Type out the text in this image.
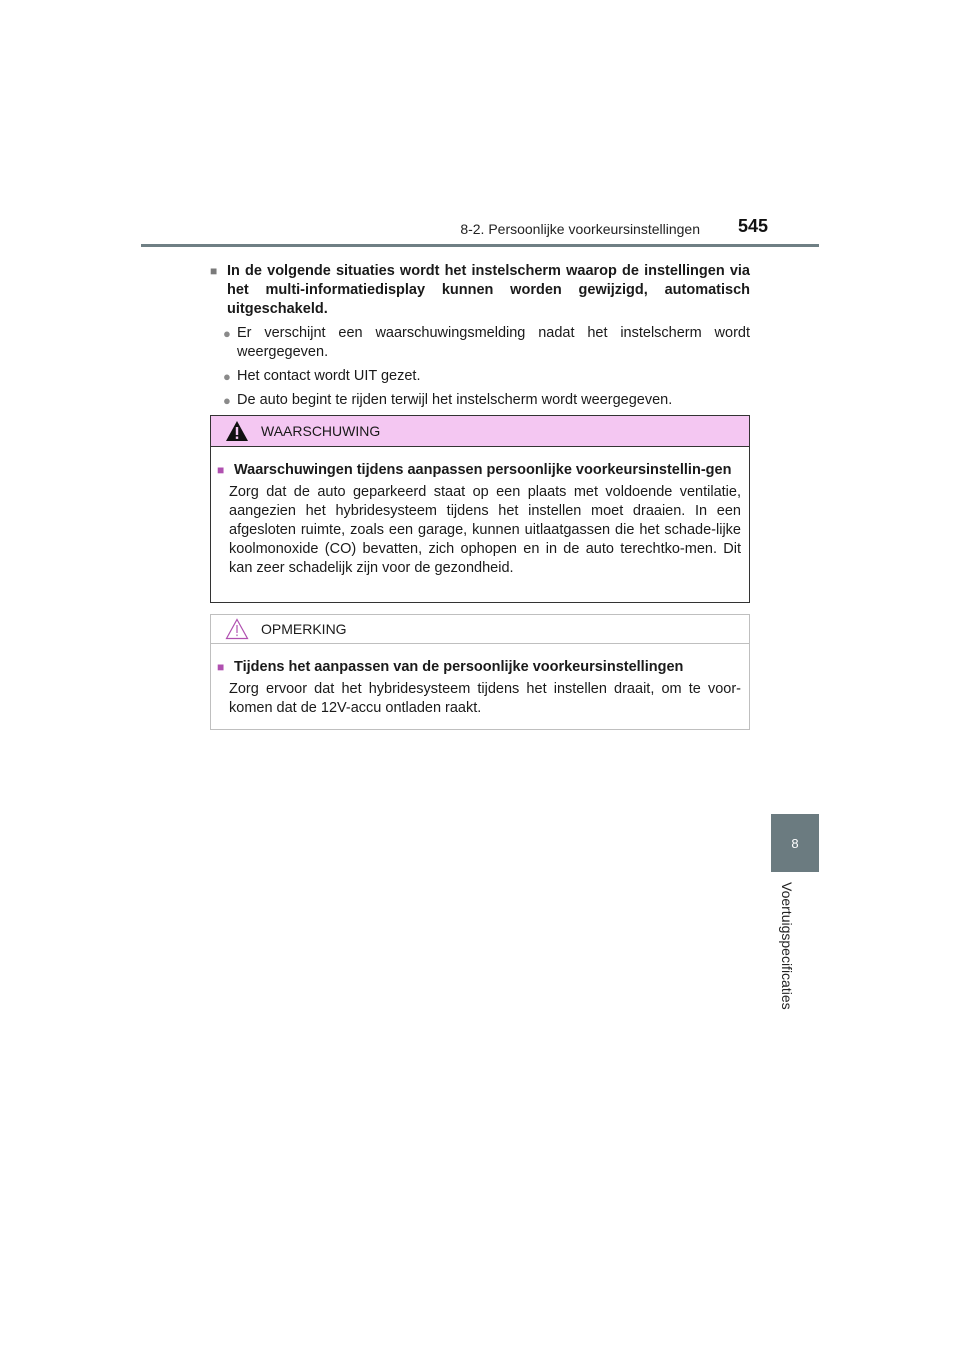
8-2. Persoonlijke voorkeursinstellingen 545
8
Voertuigspecificaties
■ In de volgende situaties wordt het instelscherm waarop de instellingen via het multi-informatiedisplay kunnen worden gewijzigd, automatisch uitgeschakeld.
● Er verschijnt een waarschuwingsmelding nadat het instelscherm wordt weergegeven.
● Het contact wordt UIT gezet.
● De auto begint te rijden terwijl het instelscherm wordt weergegeven.
WAARSCHUWING
■ Waarschuwingen tijdens aanpassen persoonlijke voorkeursinstellin-gen
Zorg dat de auto geparkeerd staat op een plaats met voldoende ventilatie, aangezien het hybridesysteem tijdens het instellen moet draaien. In een afgesloten ruimte, zoals een garage, kunnen uitlaatgassen die het schade-lijke koolmonoxide (CO) bevatten, zich ophopen en in de auto terechtko-men. Dit kan zeer schadelijk zijn voor de gezondheid.
OPMERKING
■ Tijdens het aanpassen van de persoonlijke voorkeursinstellingen
Zorg ervoor dat het hybridesysteem tijdens het instellen draait, om te voor-komen dat de 12V-accu ontladen raakt.
